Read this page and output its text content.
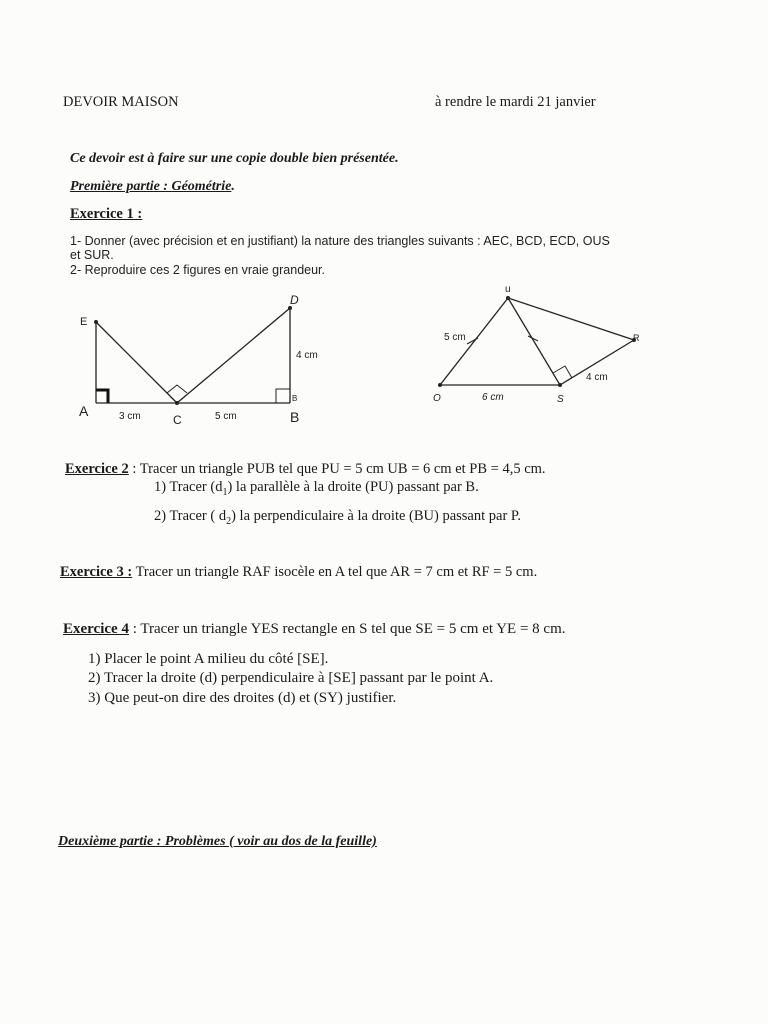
DEVOIR MAISON	à rendre le mardi 21 janvier
Ce devoir est à faire sur une copie double bien présentée.
Première partie : Géométrie.
Exercice 1 :
1- Donner (avec précision et en justifiant) la nature des triangles suivants : AEC, BCD, ECD, OUS
et SUR.
2- Reproduire ces 2 figures en vraie grandeur.
E
D
A
C
B
B
3 cm	5 cm
4 cm
u
R
O	S
5 cm
6 cm
4 cm
Exercice 2 : Tracer un triangle PUB tel que PU = 5 cm UB = 6 cm et PB = 4,5 cm.
1) Tracer $(d_1)$ la parallèle à la droite (PU) passant par B.
2) Tracer ( $d_2$) la perpendiculaire à la droite (BU) passant par P.
Exercice 3 : Tracer un triangle RAF isocèle en A tel que AR = 7 cm et RF = 5 cm.
Exercice 4 : Tracer un triangle YES rectangle en S tel que SE = 5 cm et YE = 8 cm.
1) Placer le point A milieu du côté [SE].
2) Tracer la droite (d) perpendiculaire à [SE] passant par le point A.
3) Que peut-on dire des droites (d) et (SY) justifier.
Deuxième partie : Problèmes ( voir au dos de la feuille)
